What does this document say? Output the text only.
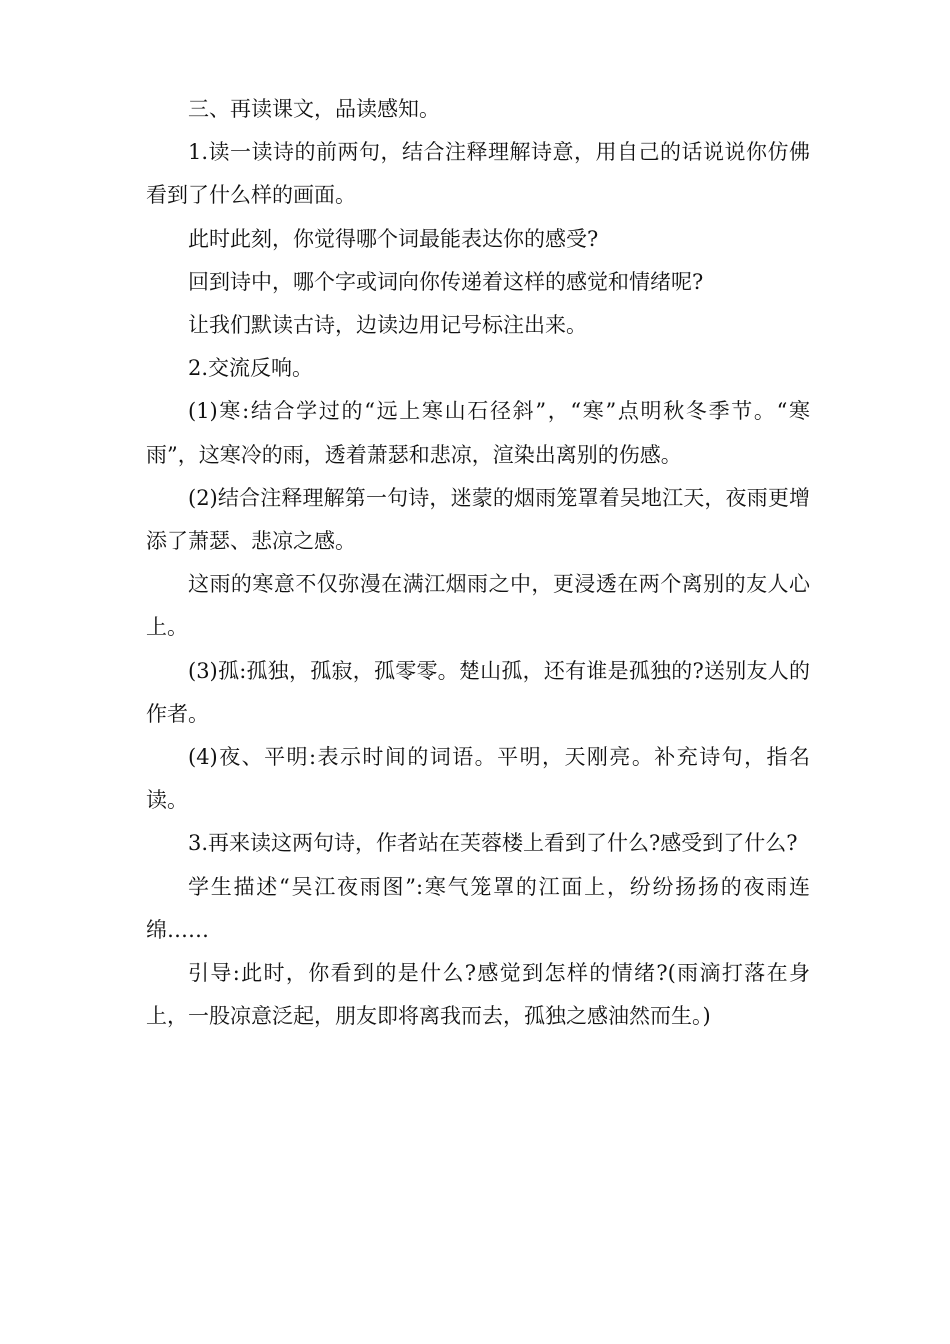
三、再读课文，品读感知。

1.读一读诗的前两句，结合注释理解诗意，用自己的话说说你仿佛看到了什么样的画面。

此时此刻，你觉得哪个词最能表达你的感受?

回到诗中，哪个字或词向你传递着这样的感觉和情绪呢?

让我们默读古诗，边读边用记号标注出来。

2.交流反响。

(1)寒:结合学过的“远上寒山石径斜”，“寒”点明秋冬季节。“寒雨”，这寒冷的雨，透着萧瑟和悲凉，渲染出离别的伤感。

(2)结合注释理解第一句诗，迷蒙的烟雨笼罩着吴地江天，夜雨更增添了萧瑟、悲凉之感。

这雨的寒意不仅弥漫在满江烟雨之中，更浸透在两个离别的友人心上。

(3)孤:孤独，孤寂，孤零零。楚山孤，还有谁是孤独的?送别友人的作者。

(4)夜、平明:表示时间的词语。平明，天刚亮。补充诗句，指名读。

3.再来读这两句诗，作者站在芙蓉楼上看到了什么?感受到了什么?

学生描述“吴江夜雨图”:寒气笼罩的江面上，纷纷扬扬的夜雨连绵……

引导:此时，你看到的是什么?感觉到怎样的情绪?(雨滴打落在身上，一股凉意泛起，朋友即将离我而去，孤独之感油然而生。)
